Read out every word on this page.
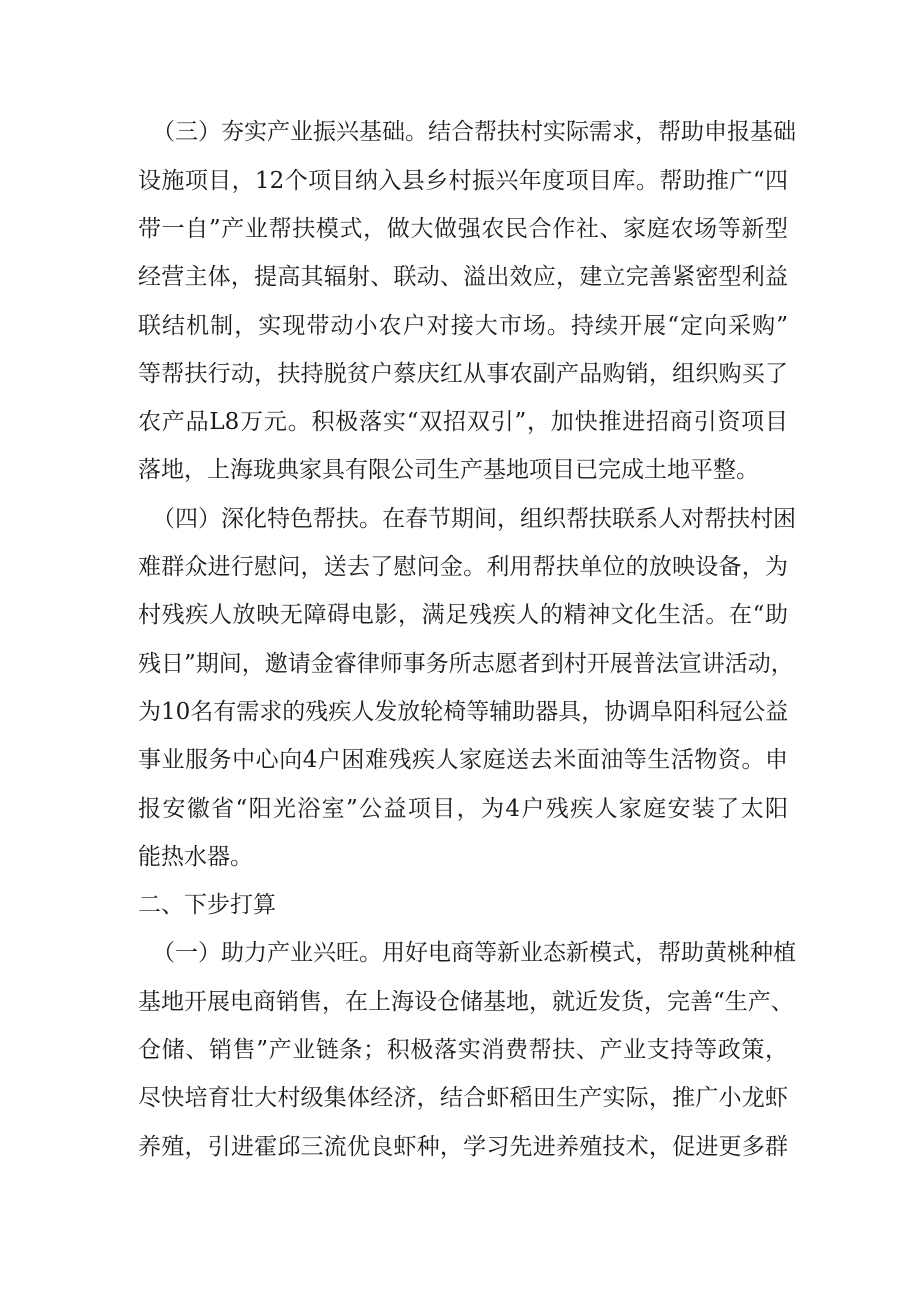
（三）夯实产业振兴基础。结合帮扶村实际需求，帮助申报基础
设施项目，12个项目纳入县乡村振兴年度项目库。帮助推广“四
带一自”产业帮扶模式，做大做强农民合作社、家庭农场等新型
经营主体，提高其辐射、联动、溢出效应，建立完善紧密型利益
联结机制，实现带动小农户对接大市场。持续开展“定向采购”
等帮扶行动，扶持脱贫户蔡庆红从事农副产品购销，组织购买了
农产品L8万元。积极落实“双招双引”，加快推进招商引资项目
落地，上海珑典家具有限公司生产基地项目已完成土地平整。
（四）深化特色帮扶。在春节期间，组织帮扶联系人对帮扶村困
难群众进行慰问，送去了慰问金。利用帮扶单位的放映设备，为
村残疾人放映无障碍电影，满足残疾人的精神文化生活。在“助
残日”期间，邀请金睿律师事务所志愿者到村开展普法宣讲活动，
为10名有需求的残疾人发放轮椅等辅助器具，协调阜阳科冠公益
事业服务中心向4户困难残疾人家庭送去米面油等生活物资。申
报安徽省“阳光浴室”公益项目，为4户残疾人家庭安装了太阳
能热水器。
二、下步打算
（一）助力产业兴旺。用好电商等新业态新模式，帮助黄桃种植
基地开展电商销售，在上海设仓储基地，就近发货，完善“生产、
仓储、销售”产业链条；积极落实消费帮扶、产业支持等政策，
尽快培育壮大村级集体经济，结合虾稻田生产实际，推广小龙虾
养殖，引进霍邱三流优良虾种，学习先进养殖技术，促进更多群
